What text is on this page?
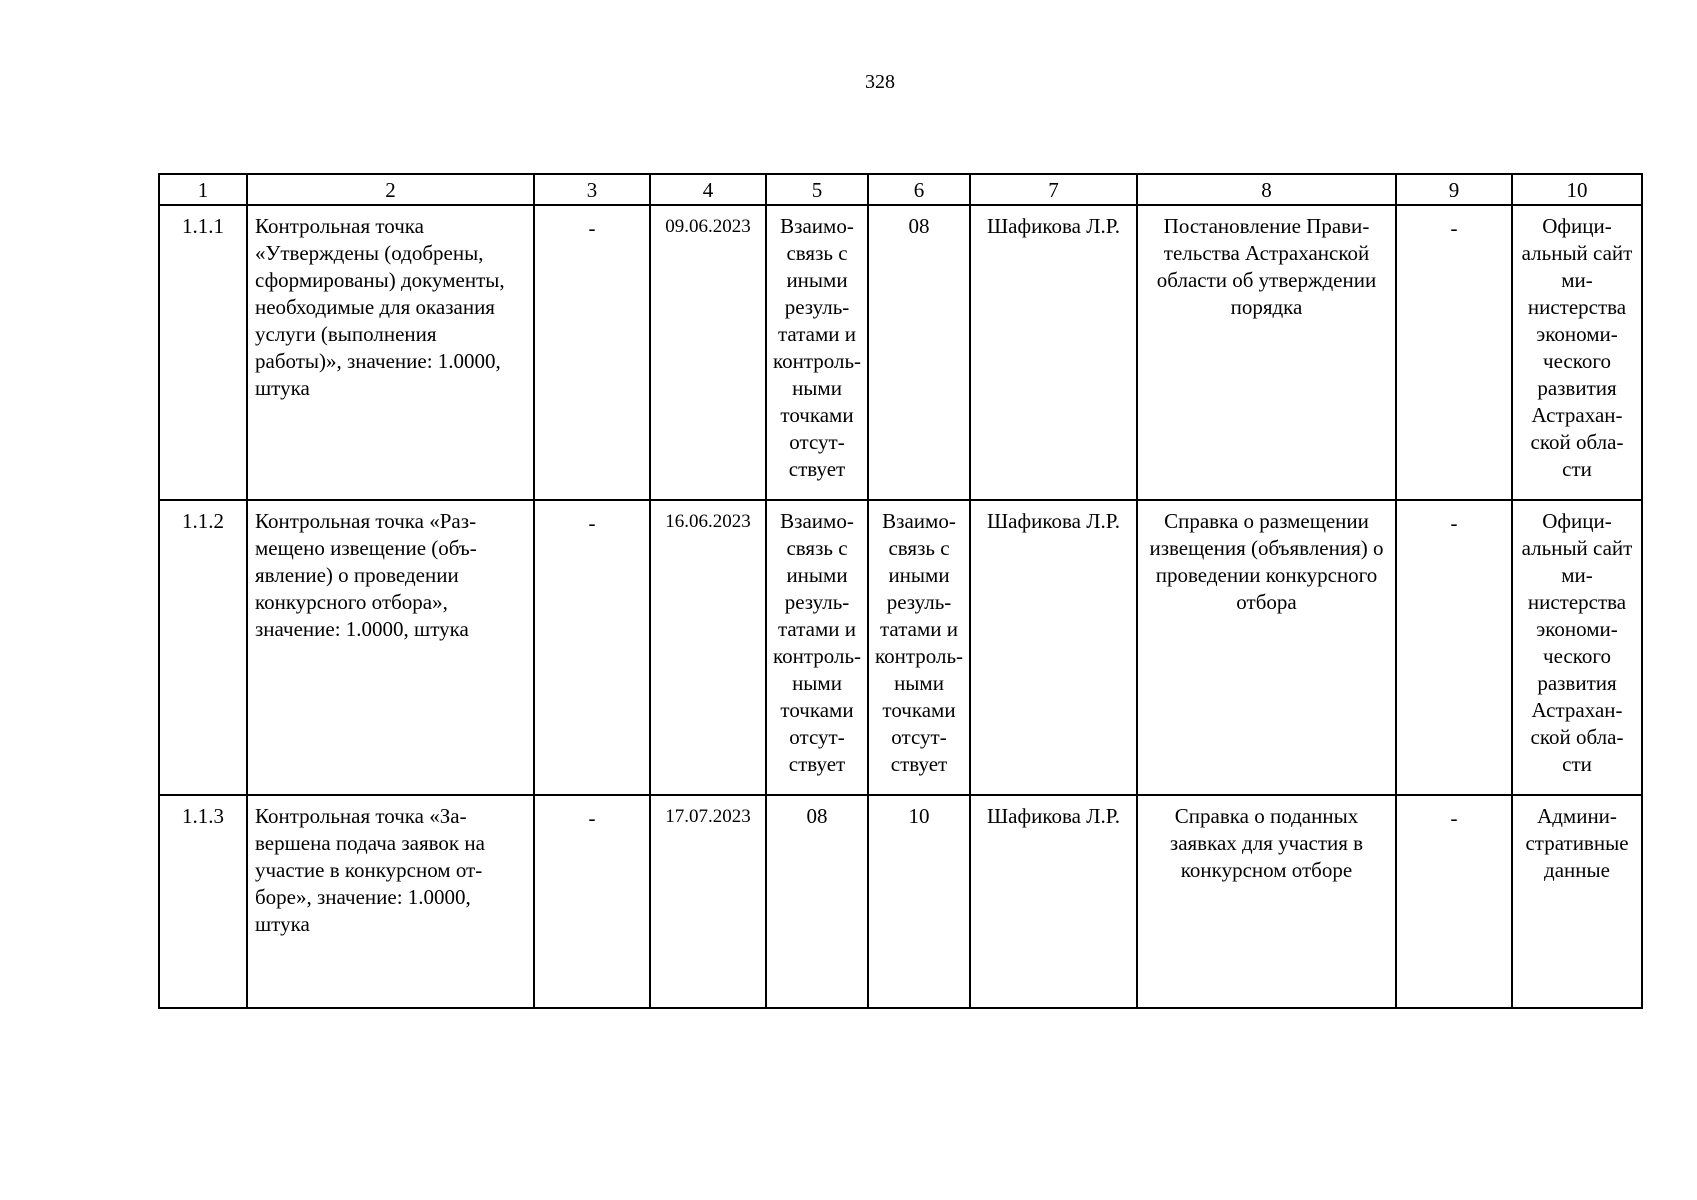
328
1	2	3	4	5	6	7	8	9	10
1.1.1	Контрольная точка «Утверждены (одобрены, сформированы) документы, необходимые для оказания услуги (выполнения работы)», значение: 1.0000, штука	-	09.06.2023	Взаимосвязь с иными результатами и контрольными точками отсутствует	08	Шафикова Л.Р.	Постановление Правительства Астраханской области об утверждении порядка	-	Официальный сайт министерства экономического развития Астраханской области
1.1.2	Контрольная точка «Размещено извещение (объявление) о проведении конкурсного отбора», значение: 1.0000, штука	-	16.06.2023	Взаимосвязь с иными результатами и контрольными точками отсутствует	Взаимосвязь с иными результатами и контрольными точками отсутствует	Шафикова Л.Р.	Справка о размещении извещения (объявления) о проведении конкурсного отбора	-	Официальный сайт министерства экономического развития Астраханской области
1.1.3	Контрольная точка «Завершена подача заявок на участие в конкурсном отборе», значение: 1.0000, штука	-	17.07.2023	08	10	Шафикова Л.Р.	Справка о поданных заявках для участия в конкурсном отборе	-	Административные данные
